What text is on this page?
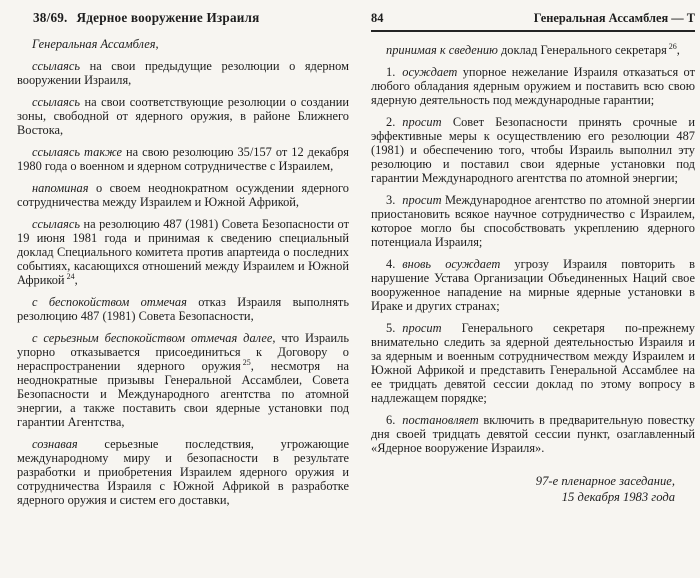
38/69. Ядерное вооружение Израиля

Генеральная Ассамблея,

ссылаясь на свои предыдущие резолюции о ядерном вооружении Израиля,

ссылаясь на свои соответствующие резолюции о создании зоны, свободной от ядерного оружия, в районе Ближнего Востока,

ссылаясь также на свою резолюцию 35/157 от 12 декабря 1980 года о военном и ядерном сотрудничестве с Израилем,

напоминая о своем неоднократном осуждении ядерного сотрудничества между Израилем и Южной Африкой,

ссылаясь на резолюцию 487 (1981) Совета Безопасности от 19 июня 1981 года и принимая к сведению специальный доклад Специального комитета против апартеида о последних событиях, касающихся отношений между Израилем и Южной Африкой $^{24}$,

с беспокойством отмечая отказ Израиля выполнять резолюцию 487 (1981) Совета Безопасности,

с серьезным беспокойством отмечая далее, что Израиль упорно отказывается присоединиться к Договору о нераспространении ядерного оружия $^{25}$, несмотря на неоднократные призывы Генеральной Ассамблеи, Совета Безопасности и Международного агентства по атомной энергии, а также поставить свои ядерные установки под гарантии Агентства,

сознавая серьезные последствия, угрожающие международному миру и безопасности в результате разработки и приобретения Израилем ядерного оружия и сотрудничества Израиля с Южной Африкой в разработке ядерного оружия и систем его доставки,

84	Генеральная Ассамблея — Т

принимая к сведению доклад Генерального секретаря $^{26}$,

1. осуждает упорное нежелание Израиля отказаться от любого обладания ядерным оружием и поставить всю свою ядерную деятельность под международные гарантии;

2. просит Совет Безопасности принять срочные и эффективные меры к осуществлению его резолюции 487 (1981) и обеспечению того, чтобы Израиль выполнил эту резолюцию и поставил свои ядерные установки под гарантии Международного агентства по атомной энергии;

3. просит Международное агентство по атомной энергии приостановить всякое научное сотрудничество с Израилем, которое могло бы способствовать укреплению ядерного потенциала Израиля;

4. вновь осуждает угрозу Израиля повторить в нарушение Устава Организации Объединенных Наций свое вооруженное нападение на мирные ядерные установки в Ираке и других странах;

5. просит Генерального секретаря по-прежнему внимательно следить за ядерной деятельностью Израиля и за ядерным и военным сотрудничеством между Израилем и Южной Африкой и представить Генеральной Ассамблее на ее тридцать девятой сессии доклад по этому вопросу в надлежащем порядке;

6. постановляет включить в предварительную повестку дня своей тридцать девятой сессии пункт, озаглавленный «Ядерное вооружение Израиля».

97-е пленарное заседание,
15 декабря 1983 года
